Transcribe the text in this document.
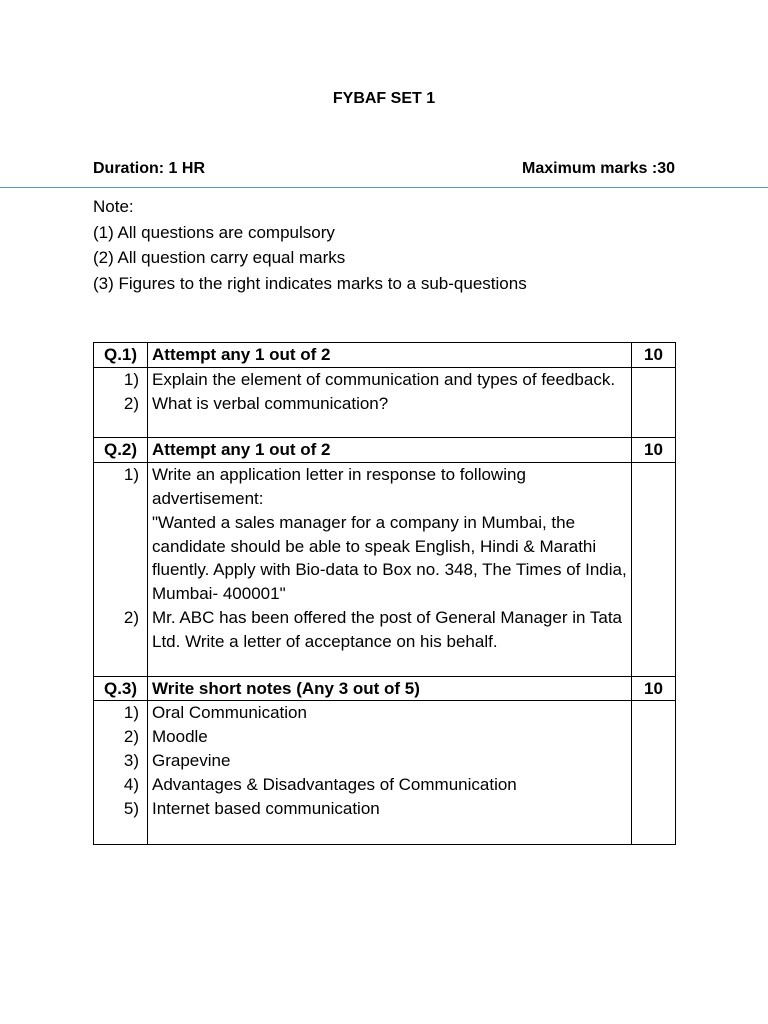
FYBAF SET 1
Duration: 1 HR	Maximum marks :30
Note:
(1) All questions are compulsory
(2) All question carry equal marks
(3) Figures to the right indicates marks to a sub-questions
Q.1)	Attempt any 1 out of 2	10
1)	Explain the element of communication and types of feedback.	
2)	What is verbal communication?	

Q.2)	Attempt any 1 out of 2	10
1)	Write an application letter in response to following advertisement:	
	"Wanted a sales manager for a company in Mumbai, the candidate should be able to speak English, Hindi & Marathi fluently. Apply with Bio-data to Box no. 348, The Times of India, Mumbai- 400001"	
2)	Mr. ABC has been offered the post of General Manager in Tata Ltd. Write a letter of acceptance on his behalf.	

Q.3)	Write short notes (Any 3 out of 5)	10
1)	Oral Communication	
2)	Moodle	
3)	Grapevine	
4)	Advantages & Disadvantages of Communication	
5)	Internet based communication	
